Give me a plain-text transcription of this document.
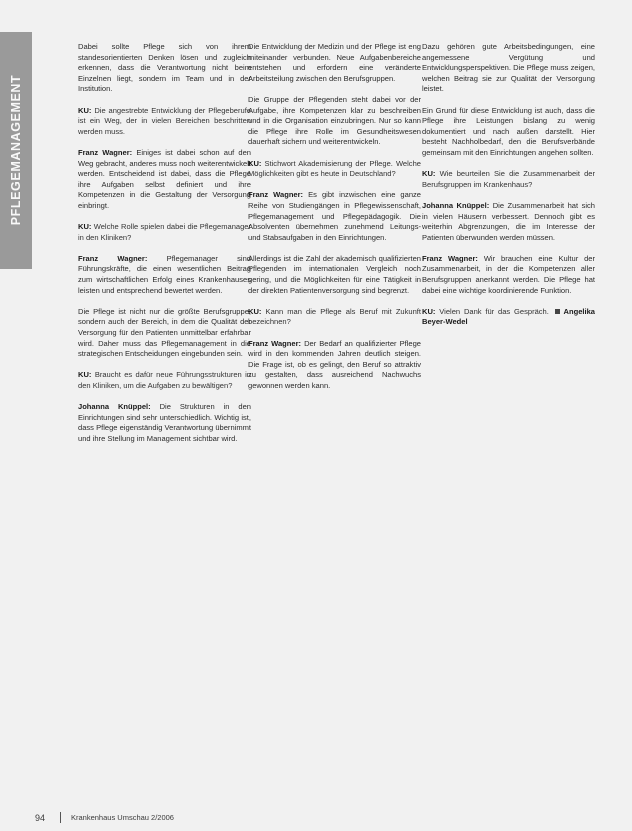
PFLEGEMANAGEMENT
Dabei sollte Pflege sich von ihrem standesorientierten Denken lösen und zugleich erkennen, dass die Verantwortung nicht beim Einzelnen liegt, sondern im Team und in der Institution.
KU: Die angestrebte Entwicklung der Pflegeberufe ist ein Weg, der in vielen Bereichen beschritten werden muss.
Franz Wagner: Einiges ist dabei schon auf den Weg gebracht, anderes muss noch weiterentwickelt werden. Entscheidend ist dabei, dass die Pflege ihre Aufgaben selbst definiert und ihre Kompetenzen in die Gestaltung der Versorgung einbringt.
KU: Welche Rolle spielen dabei die Pflegemanager in den Kliniken?
Franz Wagner:	Pflegemanager sind Führungskräfte, die einen wesentlichen Beitrag zum wirtschaftlichen Erfolg eines Krankenhauses leisten und entsprechend bewertet werden.
Die Pflege ist nicht nur die größte Berufsgruppe, sondern auch der Bereich, in dem die Qualität der Versorgung für den Patienten unmittelbar erfahrbar wird. Daher muss das Pflegemanagement in die strategischen Entscheidungen eingebunden sein.
KU: Braucht es dafür neue Führungsstrukturen in den Kliniken, um die Aufgaben zu bewältigen?
Johanna Knüppel: Die Strukturen in den Einrichtungen sind sehr unterschiedlich. Wichtig ist, dass Pflege eigenständig Verantwortung übernimmt und ihre Stellung im Management sichtbar wird.
Die Entwicklung der Medizin und der Pflege ist eng miteinander verbunden. Neue Aufgabenbereiche entstehen und erfordern eine veränderte Arbeitsteilung zwischen den Berufsgruppen.
Die Gruppe der Pflegenden steht dabei vor der Aufgabe, ihre Kompetenzen klar zu beschreiben und in die Organisation einzubringen. Nur so kann die Pflege ihre Rolle im Gesundheitswesen dauerhaft sichern und weiterentwickeln.
KU: Stichwort Akademisierung der Pflege. Welche Möglichkeiten gibt es heute in Deutschland?
Franz Wagner: Es gibt inzwischen eine ganze Reihe von Studiengängen in Pflegewissenschaft, Pflegemanagement und Pflegepädagogik. Die Absolventen übernehmen zunehmend Leitungs- und Stabsaufgaben in den Einrichtungen.
Allerdings ist die Zahl der akademisch qualifizierten Pflegenden im internationalen Vergleich noch gering, und die Möglichkeiten für eine Tätigkeit in der direkten Patientenversorgung sind begrenzt.
KU: Kann man die Pflege als Beruf mit Zukunft bezeichnen?
Franz Wagner: Der Bedarf an qualifizierter Pflege wird in den kommenden Jahren deutlich steigen. Die Frage ist, ob es gelingt, den Beruf so attraktiv zu gestalten, dass ausreichend Nachwuchs gewonnen werden kann.
Dazu gehören gute Arbeitsbedingungen, eine angemessene Vergütung und Entwicklungsperspektiven. Die Pflege muss zeigen, welchen Beitrag sie zur Qualität der Versorgung leistet.
Ein Grund für diese Entwicklung ist auch, dass die Pflege ihre Leistungen bislang zu wenig dokumentiert und nach außen darstellt. Hier besteht Nachholbedarf, den die Berufsverbände gemeinsam mit den Einrichtungen angehen sollten.
KU: Wie beurteilen Sie die Zusammenarbeit der Berufsgruppen im Krankenhaus?
Johanna Knüppel: Die Zusammenarbeit hat sich in vielen Häusern verbessert. Dennoch gibt es weiterhin Abgrenzungen, die im Interesse der Patienten überwunden werden müssen.
Franz Wagner: Wir brauchen eine Kultur der Zusammenarbeit, in der die Kompetenzen aller Berufsgruppen anerkannt werden. Die Pflege hat dabei eine wichtige koordinierende Funktion.
KU: Vielen Dank für das Gespräch. Angelika Beyer-Wedel
94	Krankenhaus Umschau 2/2006
